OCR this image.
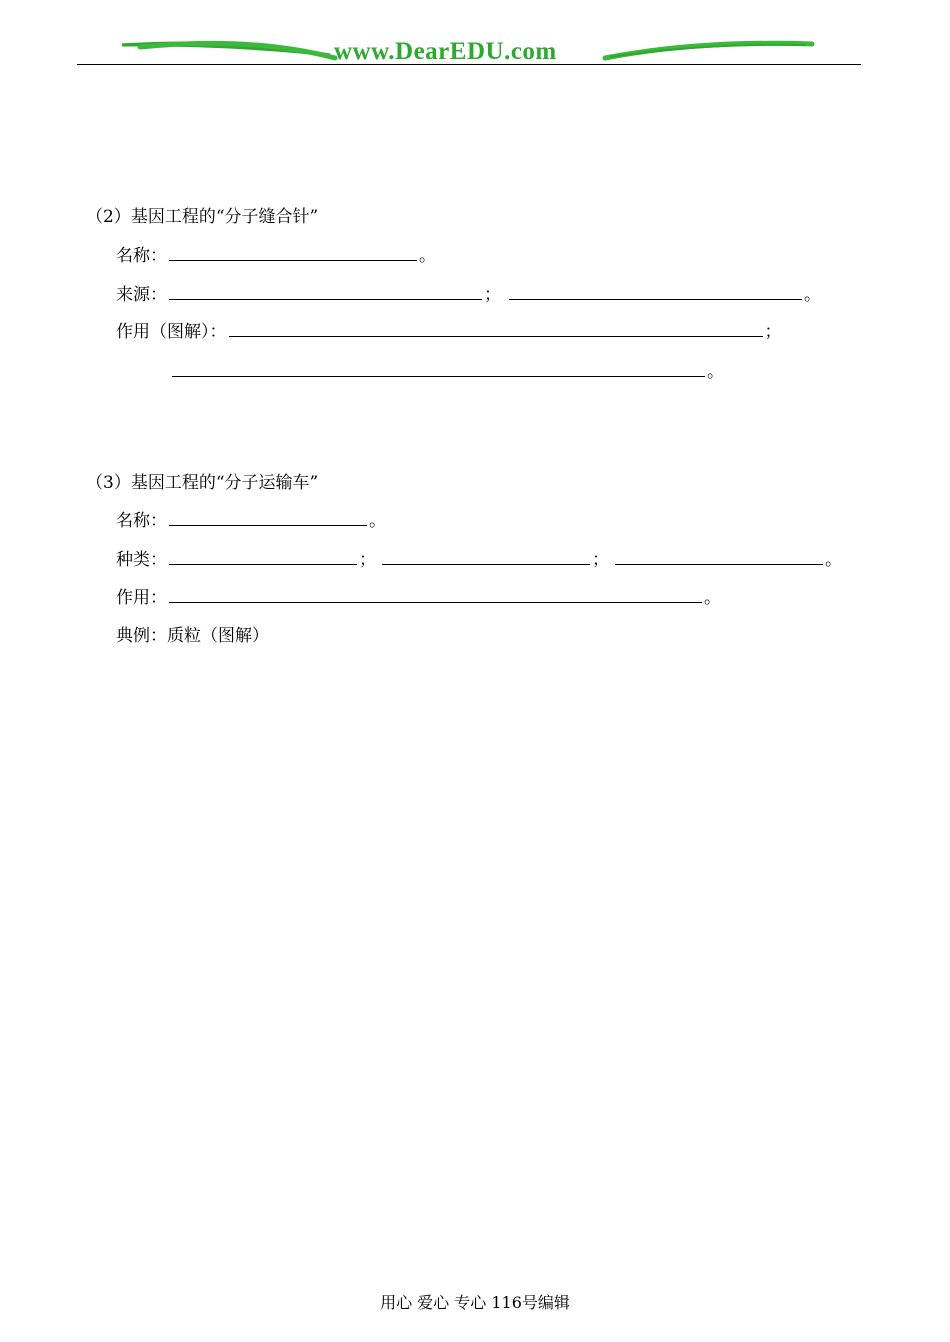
www.DearEDU.com
（2）基因工程的“分子缝合针”
名称：	。
来源：	；	。
作用（图解）：	；
。
（3）基因工程的“分子运输车”
名称：	。
种类：	；	；	。
作用：	。
典例：质粒（图解）
用心 爱心 专心 116号编辑
